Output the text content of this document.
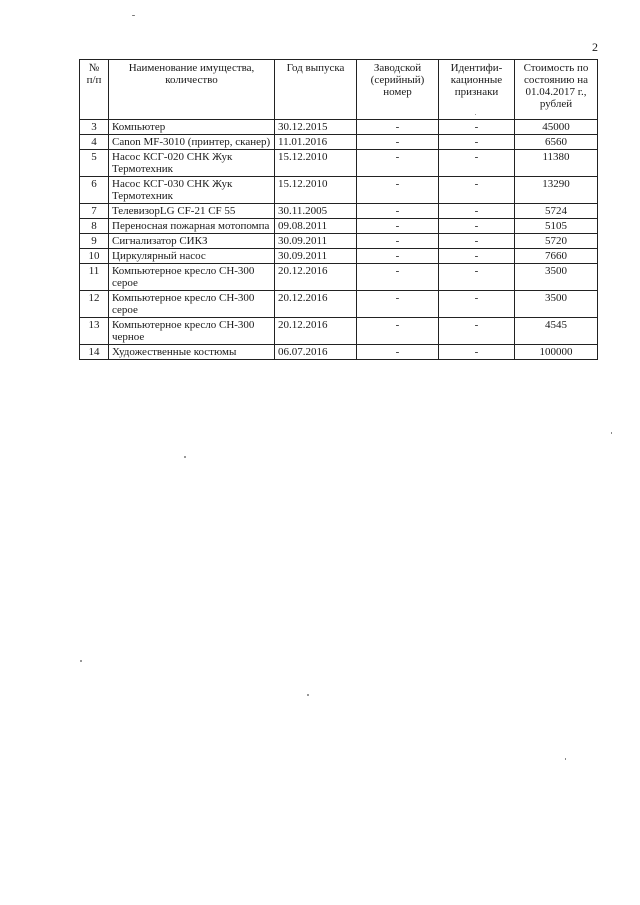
2
№ п/п	Наименование имущества, количество	Год выпуска	Заводской (серийный) номер	Идентифи- кационные признаки	Стоимость по состоянию на 01.04.2017 г., рублей
3	Компьютер	30.12.2015	-	-	45000
4	Canon MF-3010 (принтер, сканер)	11.01.2016	-	-	6560
5	Насос КСГ-020 СНК Жук Термотехник	15.12.2010	-	-	11380
6	Насос КСГ-030 СНК Жук Термотехник	15.12.2010	-	-	13290
7	ТелевизорLG CF-21 CF 55	30.11.2005	-	-	5724
8	Переносная пожарная мотопомпа	09.08.2011	-	-	5105
9	Сигнализатор СИКЗ	30.09.2011	-	-	5720
10	Циркулярный насос	30.09.2011	-	-	7660
11	Компьютерное кресло СН-300 серое	20.12.2016	-	-	3500
12	Компьютерное кресло СН-300 серое	20.12.2016	-	-	3500
13	Компьютерное кресло СН-300 черное	20.12.2016	-	-	4545
14	Художественные костюмы	06.07.2016	-	-	100000
